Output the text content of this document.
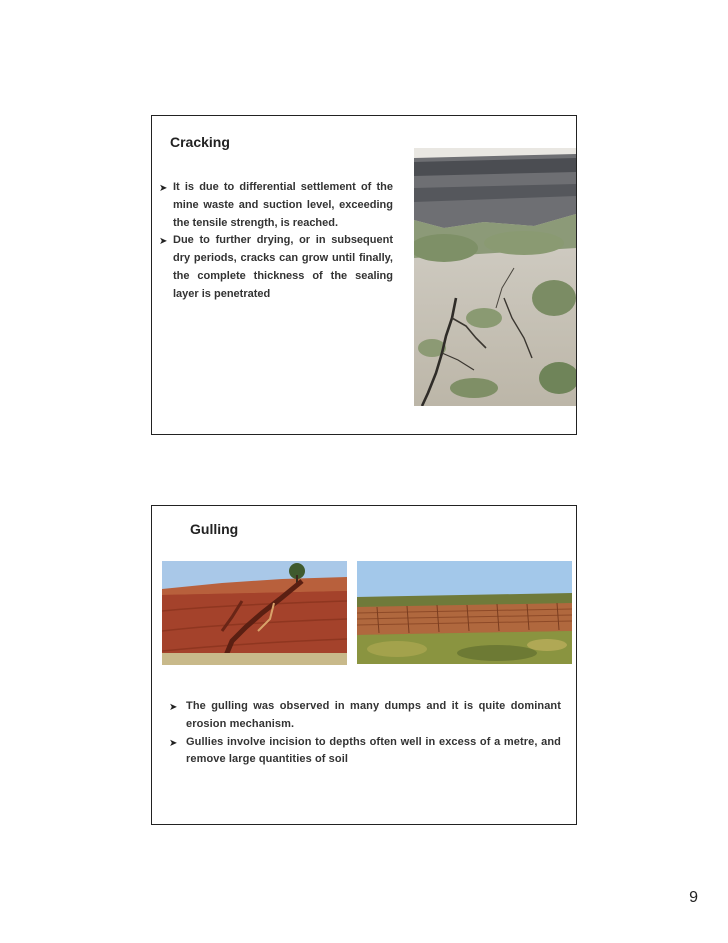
Cracking
➤ It is due to differential settlement of the mine waste and suction level, exceeding the tensile strength, is reached.
➤ Due to further drying, or in subsequent dry periods, cracks can grow until finally, the complete thickness of the sealing layer is penetrated
Gulling
➤ The gulling was observed in many dumps and it is quite dominant erosion mechanism.
➤ Gullies involve incision to depths often well in excess of a metre, and remove large quantities of soil
9
